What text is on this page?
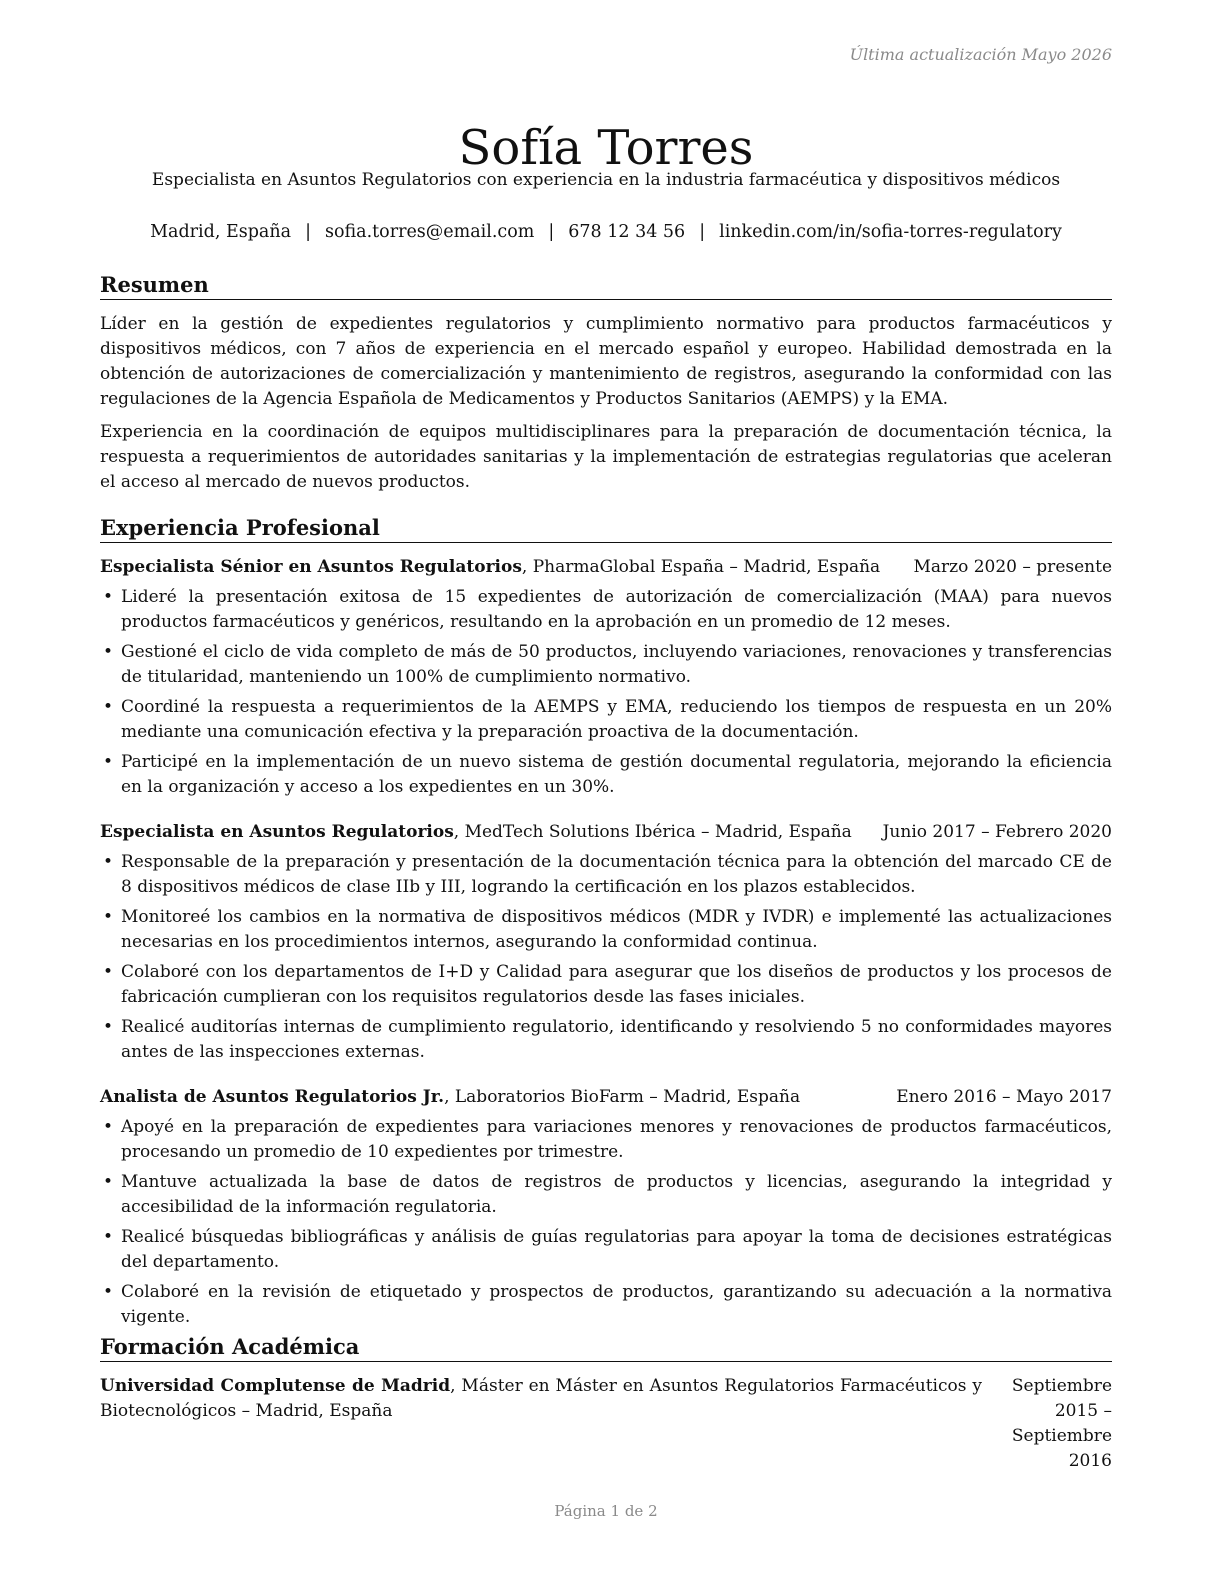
Última actualización Mayo 2026
Sofía Torres
Especialista en Asuntos Regulatorios con experiencia en la industria farmacéutica y dispositivos médicos
Madrid, España | sofia.torres@email.com | 678 12 34 56 | linkedin.com/in/sofia-torres-regulatory
Resumen

Líder en la gestión de expedientes regulatorios y cumplimiento normativo para productos farmacéuticos y dispositivos médicos, con 7 años de experiencia en el mercado español y europeo. Habilidad demostrada en la obtención de autorizaciones de comercialización y mantenimiento de registros, asegurando la conformidad con las regulaciones de la Agencia Española de Medicamentos y Productos Sanitarios (AEMPS) y la EMA.

Experiencia en la coordinación de equipos multidisciplinares para la preparación de documentación técnica, la respuesta a requerimientos de autoridades sanitarias y la implementación de estrategias regulatorias que aceleran el acceso al mercado de nuevos productos.

Experiencia Profesional
Especialista Sénior en Asuntos Regulatorios, PharmaGlobal España – Madrid, España Marzo 2020 – presente
• Lideré la presentación exitosa de 15 expedientes de autorización de comercialización (MAA) para nuevos productos farmacéuticos y genéricos, resultando en la aprobación en un promedio de 12 meses.
• Gestioné el ciclo de vida completo de más de 50 productos, incluyendo variaciones, renovaciones y transferencias de titularidad, manteniendo un 100% de cumplimiento normativo.
• Coordiné la respuesta a requerimientos de la AEMPS y EMA, reduciendo los tiempos de respuesta en un 20% mediante una comunicación efectiva y la preparación proactiva de la documentación.
• Participé en la implementación de un nuevo sistema de gestión documental regulatoria, mejorando la eficiencia en la organización y acceso a los expedientes en un 30%.
Especialista en Asuntos Regulatorios, MedTech Solutions Ibérica – Madrid, España Junio 2017 – Febrero 2020
• Responsable de la preparación y presentación de la documentación técnica para la obtención del marcado CE de 8 dispositivos médicos de clase IIb y III, logrando la certificación en los plazos establecidos.
• Monitoreé los cambios en la normativa de dispositivos médicos (MDR y IVDR) e implementé las actualizaciones necesarias en los procedimientos internos, asegurando la conformidad continua.
• Colaboré con los departamentos de I+D y Calidad para asegurar que los diseños de productos y los procesos de fabricación cumplieran con los requisitos regulatorios desde las fases iniciales.
• Realicé auditorías internas de cumplimiento regulatorio, identificando y resolviendo 5 no conformidades mayores antes de las inspecciones externas.
Analista de Asuntos Regulatorios Jr., Laboratorios BioFarm – Madrid, España	Enero 2016 – Mayo 2017
• Apoyé en la preparación de expedientes para variaciones menores y renovaciones de productos farmacéuticos, procesando un promedio de 10 expedientes por trimestre.
• Mantuve actualizada la base de datos de registros de productos y licencias, asegurando la integridad y accesibilidad de la información regulatoria.
• Realicé búsquedas bibliográficas y análisis de guías regulatorias para apoyar la toma de decisiones estratégicas del departamento.
• Colaboré en la revisión de etiquetado y prospectos de productos, garantizando su adecuación a la normativa vigente.
Formación Académica
Universidad Complutense de Madrid, Máster en Máster en Asuntos Regulatorios Farmacéuticos y Biotecnológicos – Madrid, España
Septiembre 2015 – Septiembre 2016
Página 1 de 2
